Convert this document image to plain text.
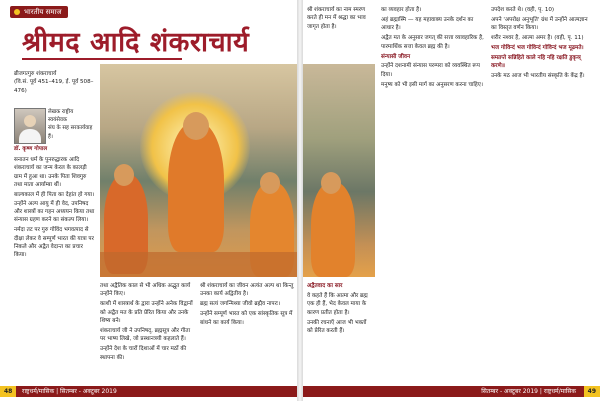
भारतीय समाज
श्रीमद आदि शंकराचार्य
ब्रीजगत्गुरु शंकराचार्य
(वि.सं. पूर्व 451–419, ई. पूर्व 508–476)
डॉ. कृष्ण गोपाल
लेखक राष्ट्रीय
स्वयंसेवक
संघ के सह सरकार्यवाह
हैं।

सनातन धर्म के पुनरुद्धारक आदि शंकराचार्य का जन्म केरल के कालड़ी ग्राम में हुआ था। उनके पिता शिवगुरु तथा माता आर्याम्बा थीं।

बाल्यकाल में ही पिता का देहांत हो गया। उन्होंने अल्प आयु में ही वेद, उपनिषद और शास्त्रों का गहन अध्ययन किया तथा संन्यास ग्रहण करने का संकल्प लिया।

नर्मदा तट पर गुरु गोविंद भगवत्पाद से दीक्षा लेकर वे सम्पूर्ण भारत की यात्रा पर निकले और अद्वैत वेदान्त का प्रचार किया।

तथा अद्वैतिक काल से भी अधिक अद्भुत कार्य उन्होंने किए।

काशी में शास्त्रार्थ के द्वारा उन्होंने अनेक विद्वानों को अद्वैत मत के प्रति प्रेरित किया और उनके शिष्य बने।

शंकराचार्य जी ने उपनिषद्, ब्रह्मसूत्र और गीता पर भाष्य लिखे, जो प्रस्थानत्रयी कहलाते हैं।

उन्होंने देश के चारों दिशाओं में चार मठों की स्थापना की।

श्री शंकराचार्य का जीवन अत्यंत अल्प था किन्तु उनका कार्य अद्वितीय है।

ब्रह्म सत्यं जगन्मिथ्या जीवो ब्रह्मैव नापरः।

उन्होंने सम्पूर्ण भारत को एक सांस्कृतिक सूत्र में बांधने का कार्य किया।

48 राष्ट्रधर्म/मासिक | सितम्बर - अक्टूबर 2019

श्री शंकराचार्य का नाम स्मरण करते ही मन में श्रद्धा का भाव जागृत होता है।

अद्वैतवाद का सार

वे कहते हैं कि आत्मा और ब्रह्म एक ही हैं, भेद केवल माया के कारण प्रतीत होता है।

उनकी रचनाएँ आज भी भक्तों को प्रेरित करती हैं।

का व्यवहार होता है।

अहं ब्रह्मास्मि — यह महावाक्य उनके दर्शन का आधार है।

अद्वैत मत के अनुसार जगत् की सत्ता व्यावहारिक है, पारमार्थिक सत्ता केवल ब्रह्म की है।

संन्यासी जीवन

उन्होंने दशनामी संन्यास परम्परा को व्यवस्थित रूप दिया।

मनुष्य को भी इसी मार्ग का अनुसरण करना चाहिए।

उपदेश करते थे। (वही, पृ. 10)

अपने 'अपरोक्ष अनुभूति' ग्रंथ में उन्होंने आत्मज्ञान का विस्तृत वर्णन किया।

शरीर नश्वर है, आत्मा अमर है। (वही, पृ. 11)

भज गोविन्दं भज गोविन्दं गोविन्दं भज मूढमते।

सम्प्राप्ते सन्निहिते काले नहि नहि रक्षति डुकृञ् करणे॥

उनके मठ आज भी भारतीय संस्कृति के केंद्र हैं।

सितम्बर - अक्टूबर 2019 | राष्ट्रधर्म/मासिक	49
